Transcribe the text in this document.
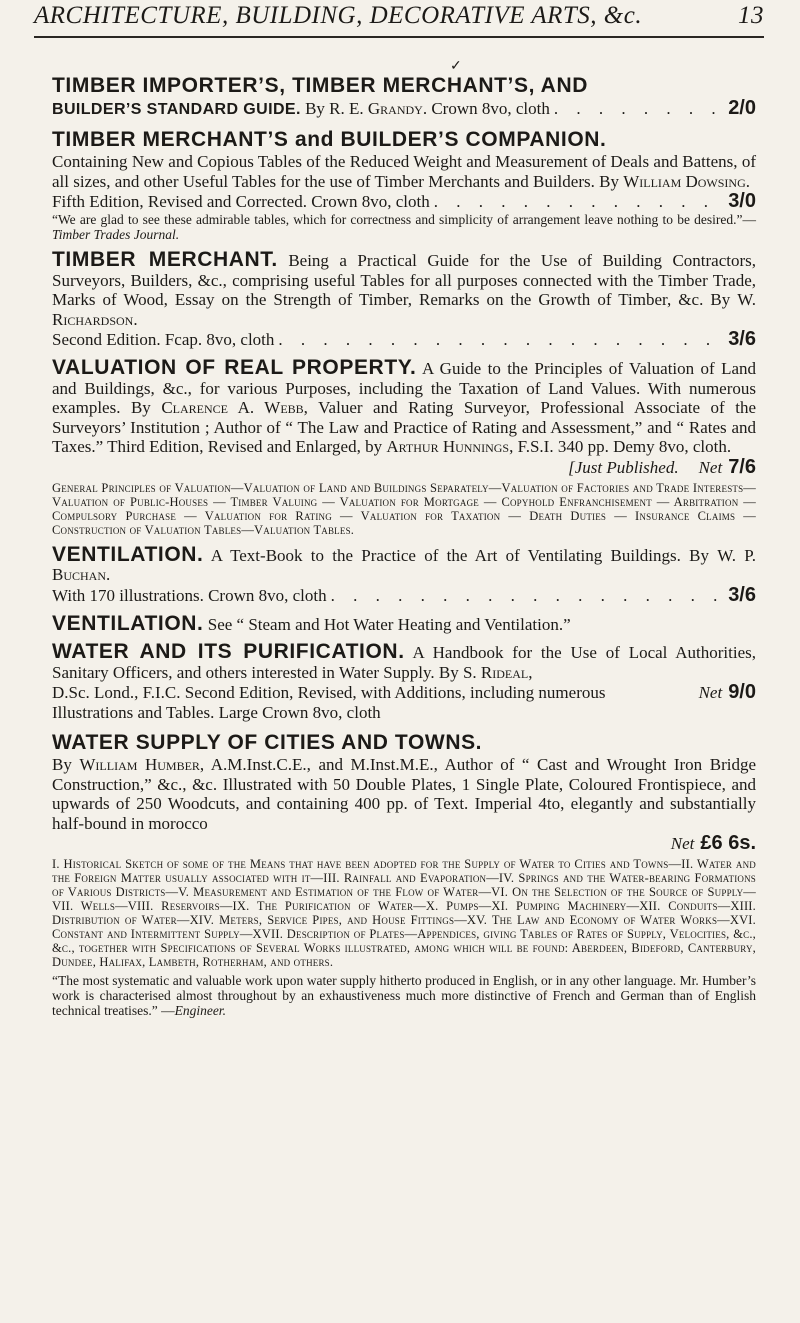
ARCHITECTURE, BUILDING, DECORATIVE ARTS, &c.	13
✓
TIMBER IMPORTER’S, TIMBER MERCHANT’S, AND
BUILDER’S STANDARD GUIDE. By R. E. Grandy. Crown 8vo, cloth . . .	2/0
TIMBER MERCHANT’S and BUILDER’S COMPANION.

Containing New and Copious Tables of the Reduced Weight and Measurement of Deals and Battens, of all sizes, and other Useful Tables for the use of Timber Merchants and Builders. By William Dowsing.

Fifth Edition, Revised and Corrected. Crown 8vo, cloth . . .	3/0

“We are glad to see these admirable tables, which for correctness and simplicity of arrangement leave nothing to be desired.”—Timber Trades Journal.

TIMBER MERCHANT. Being a Practical Guide for the Use of Building Contractors, Surveyors, Builders, &c., comprising useful Tables for all purposes connected with the Timber Trade, Marks of Wood, Essay on the Strength of Timber, Remarks on the Growth of Timber, &c. By W. Richardson.

Second Edition. Fcap. 8vo, cloth . . .	3/6

VALUATION OF REAL PROPERTY. A Guide to the Principles of Valuation of Land and Buildings, &c., for various Purposes, including the Taxation of Land Values. With numerous examples. By Clarence A. Webb, Valuer and Rating Surveyor, Professional Associate of the Surveyors’ Institution ; Author of “ The Law and Practice of Rating and Assessment,” and “ Rates and Taxes.” Third Edition, Revised and Enlarged, by Arthur Hunnings, F.S.I. 340 pp. Demy 8vo, cloth.

[Just Published. Net 7/6

General Principles of Valuation—Valuation of Land and Buildings Separately—Valuation of Factories and Trade Interests—Valuation of Public-Houses — Timber Valuing — Valuation for Mortgage — Copyhold Enfranchisement — Arbitration — Compulsory Purchase — Valuation for Rating — Valuation for Taxation — Death Duties — Insurance Claims — Construction of Valuation Tables—Valuation Tables.

VENTILATION. A Text-Book to the Practice of the Art of Ventilating Buildings. By W. P. Buchan.

With 170 illustrations. Crown 8vo, cloth . . .	3/6

VENTILATION. See “ Steam and Hot Water Heating and Ventilation.”

WATER AND ITS PURIFICATION. A Handbook for the Use of Local Authorities, Sanitary Officers, and others interested in Water Supply. By S. Rideal,

D.Sc. Lond., F.I.C. Second Edition, Revised, with Additions, including numerous Illustrations and Tables. Large Crown 8vo, cloth
Net 9/0
WATER SUPPLY OF CITIES AND TOWNS.

By William Humber, A.M.Inst.C.E., and M.Inst.M.E., Author of “ Cast and Wrought Iron Bridge Construction,” &c., &c. Illustrated with 50 Double Plates, 1 Single Plate, Coloured Frontispiece, and upwards of 250 Woodcuts, and containing 400 pp. of Text. Imperial 4to, elegantly and substantially half-bound in morocco

Net £6 6s.

I. Historical Sketch of some of the Means that have been adopted for the Supply of Water to Cities and Towns—II. Water and the Foreign Matter usually associated with it—III. Rainfall and Evaporation—IV. Springs and the Water-bearing Formations of Various Districts—V. Measurement and Estimation of the Flow of Water—VI. On the Selection of the Source of Supply—VII. Wells—VIII. Reservoirs—IX. The Purification of Water—X. Pumps—XI. Pumping Machinery—XII. Conduits—XIII. Distribution of Water—XIV. Meters, Service Pipes, and House Fittings—XV. The Law and Economy of Water Works—XVI. Constant and Intermittent Supply—XVII. Description of Plates—Appendices, giving Tables of Rates of Supply, Velocities, &c., &c., together with Specifications of Several Works illustrated, among which will be found: Aberdeen, Bideford, Canterbury, Dundee, Halifax, Lambeth, Rotherham, and others.

“The most systematic and valuable work upon water supply hitherto produced in English, or in any other language. Mr. Humber’s work is characterised almost throughout by an exhaustiveness much more distinctive of French and German than of English technical treatises.” —Engineer.
